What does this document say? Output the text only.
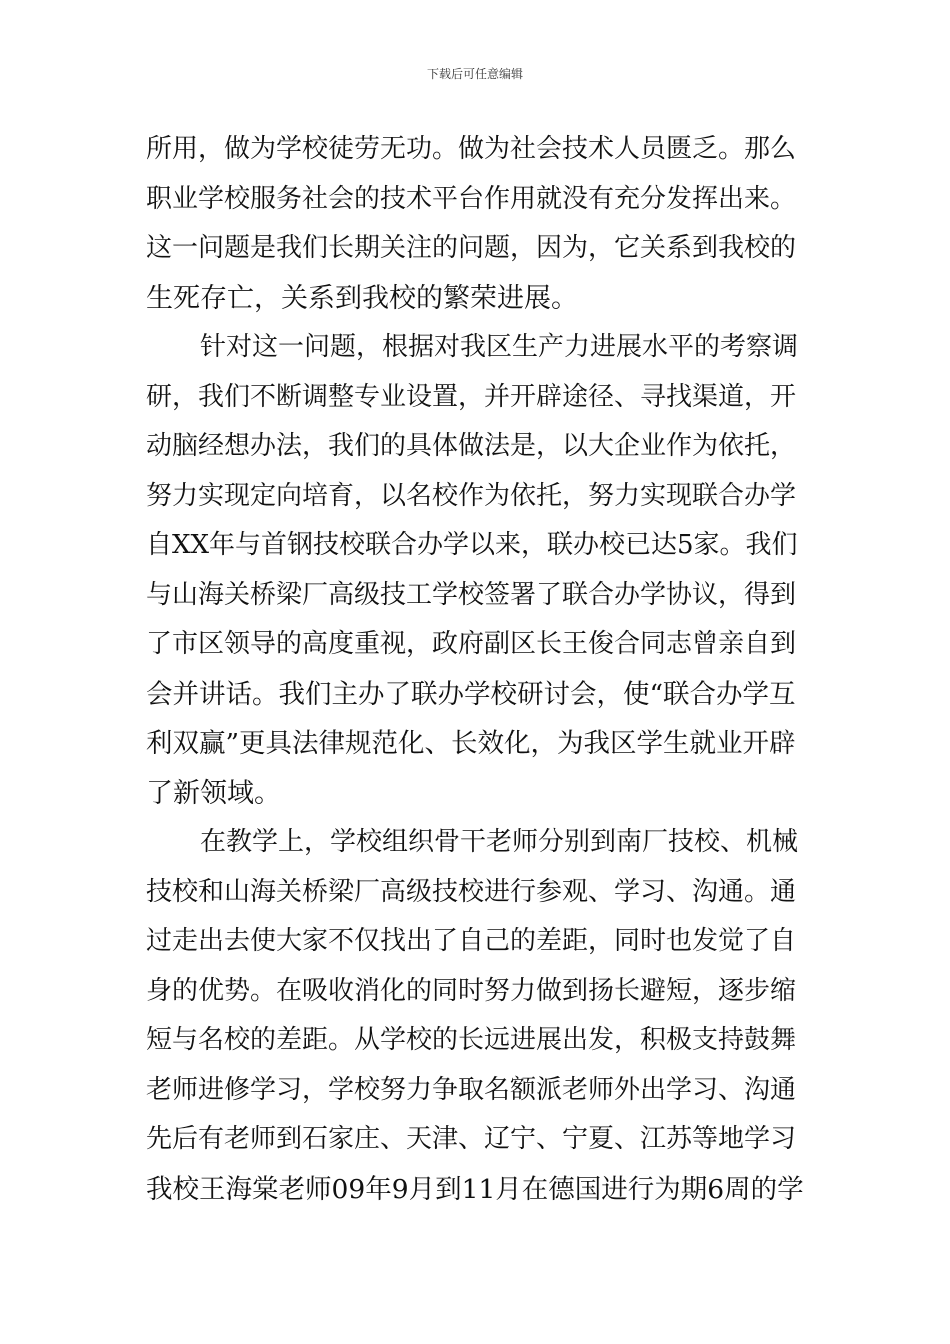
下载后可任意编辑
所用，做为学校徒劳无功。做为社会技术人员匮乏。那么
职业学校服务社会的技术平台作用就没有充分发挥出来。
这一问题是我们长期关注的问题，因为，它关系到我校的
生死存亡，关系到我校的繁荣进展。
针对这一问题，根据对我区生产力进展水平的考察调
研，我们不断调整专业设置，并开辟途径、寻找渠道，开
动脑经想办法，我们的具体做法是，以大企业作为依托，
努力实现定向培育，以名校作为依托，努力实现联合办学
自XX年与首钢技校联合办学以来，联办校已达5家。我们
与山海关桥梁厂高级技工学校签署了联合办学协议，得到
了市区领导的高度重视，政府副区长王俊合同志曾亲自到
会并讲话。我们主办了联办学校研讨会，使“联合办学互
利双赢”更具法律规范化、长效化，为我区学生就业开辟
了新领域。
在教学上，学校组织骨干老师分别到南厂技校、机械
技校和山海关桥梁厂高级技校进行参观、学习、沟通。通
过走出去使大家不仅找出了自己的差距，同时也发觉了自
身的优势。在吸收消化的同时努力做到扬长避短，逐步缩
短与名校的差距。从学校的长远进展出发，积极支持鼓舞
老师进修学习，学校努力争取名额派老师外出学习、沟通
先后有老师到石家庄、天津、辽宁、宁夏、江苏等地学习
我校王海棠老师09年9月到11月在德国进行为期6周的学
